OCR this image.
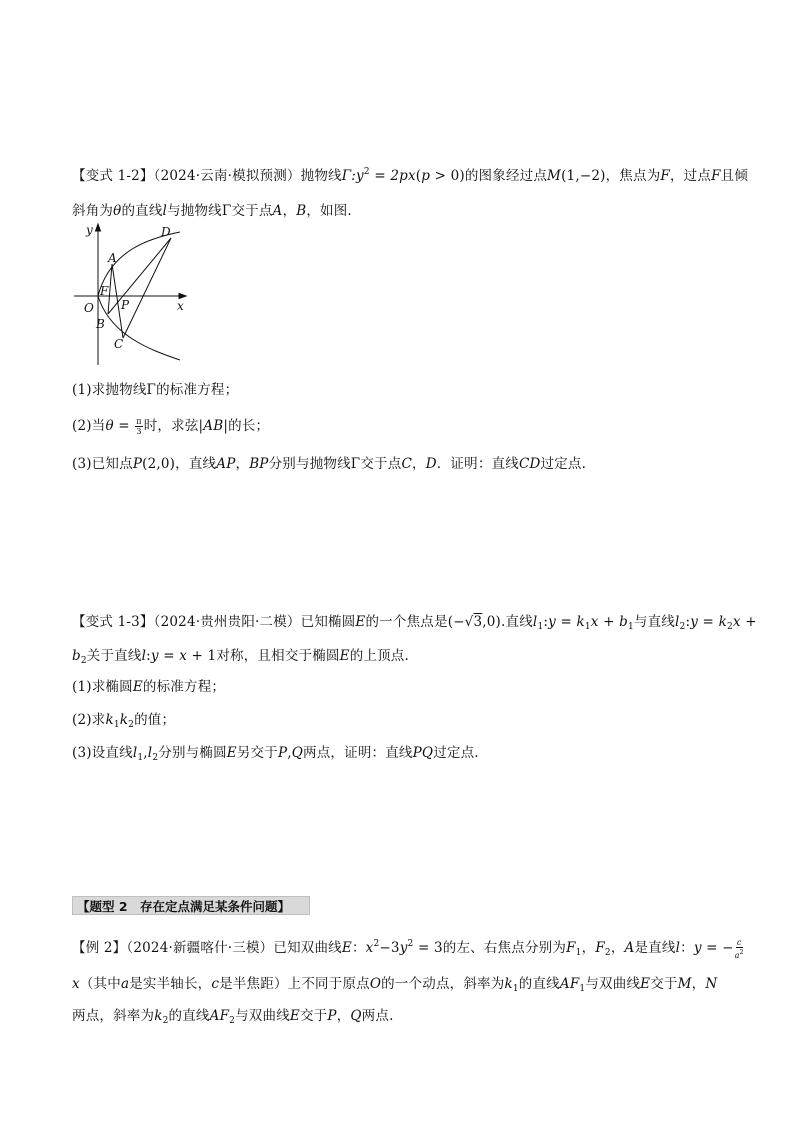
【变式 1-2】（2024·云南·模拟预测）抛物线$\Gamma:y^2 = 2px(p > 0)$的图象经过点M(1,−2)，焦点为F，过点F且倾
斜角为θ的直线l与抛物线Γ交于点A，B，如图.
y
x
O
A
B
C
D
F
P
(1)求抛物线Γ的标准方程；
(2)当$\theta = \frac{\pi}{3}$ 时，求弦|AB|的长；
(3)已知点P(2,0)，直线AP，BP分别与抛物线Γ交于点C，D．证明：直线CD过定点.
【变式 1-3】（2024·贵州贵阳·二模）已知椭圆E的一个焦点是(−√3,0).直线$l_1:y = k_1x + b_1$与直线$l_2:y = k_2x$ +
$b_2$关于直线l:y = x + 1对称，且相交于椭圆E的上顶点.
(1)求椭圆E的标准方程；
(2)求$k_1k_2$的值；
(3)设直线$l_1,l_2$分别与椭圆E另交于P,Q两点，证明：直线PQ过定点.
【题型 2　存在定点满足某条件问题】
【例 2】（2024·新疆喀什·三模）已知双曲线E：$x^2-3y^2 = 3$的左、右焦点分别为$F_1$，$F_2$，A是直线l：y = − $\frac{c}{a^2}$
x（其中a是实半轴长，c是半焦距）上不同于原点O的一个动点，斜率为$k_1$的直线$AF_1$与双曲线E交于M，N
两点，斜率为$k_2$的直线$AF_2$与双曲线E交于P，Q两点.
